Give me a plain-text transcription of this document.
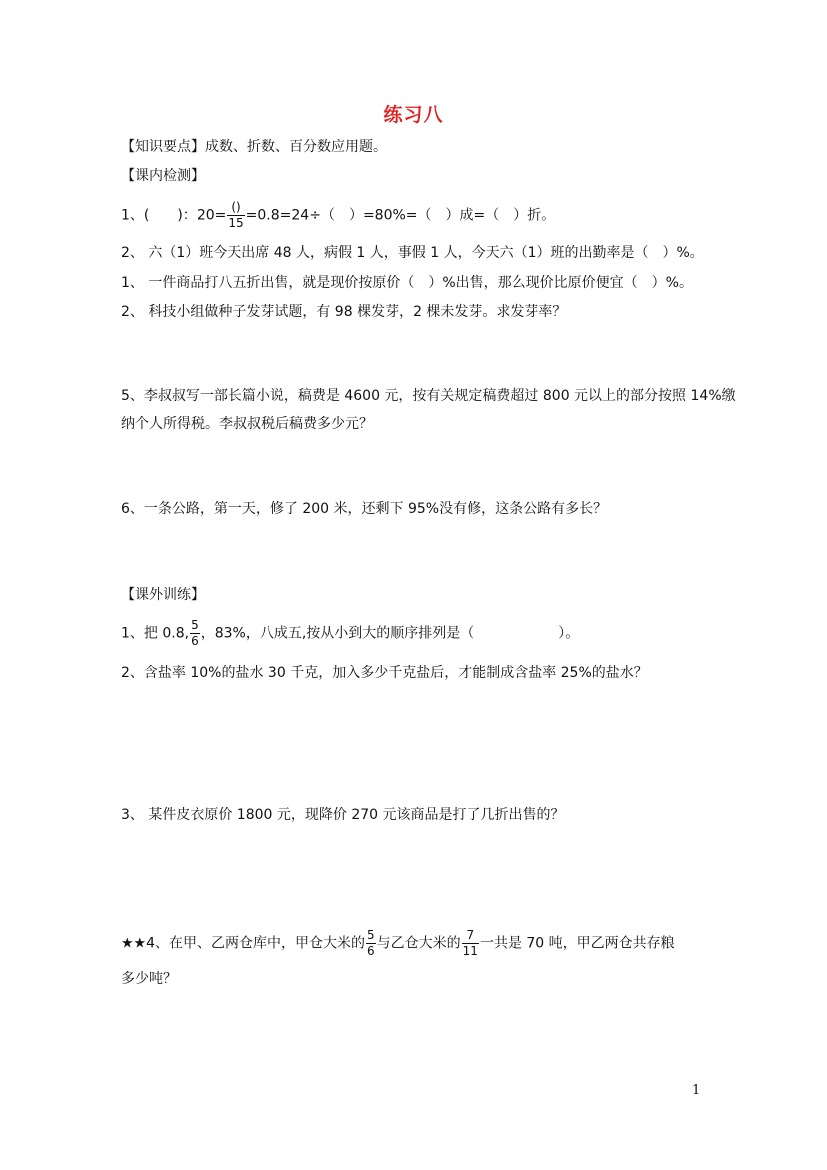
练习八
【知识要点】成数、折数、百分数应用题。
【课内检测】
1、(　　)：$20= \frac{()}{15} =0.8=24\div$（　）=80%=（　）成=（　）折。
2、 六（1）班今天出席 48 人，病假 1 人，事假 1 人，今天六（1）班的出勤率是（　）%。
1、 一件商品打八五折出售，就是现价按原价（　）%出售，那么现价比原价便宜（　）%。
2、 科技小组做种子发芽试题，有 98 棵发芽，2 棵未发芽。求发芽率？
5、李叔叔写一部长篇小说，稿费是 4600 元，按有关规定稿费超过 800 元以上的部分按照 14%缴
纳个人所得税。李叔叔税后稿费多少元？
6、一条公路，第一天，修了 200 米，还剩下 95%没有修，这条公路有多长？
【课外训练】
1、把 0.8, $\frac{5}{6}$ ，83%，八成五,按从小到大的顺序排列是（　　　　　　）。
2、含盐率 10%的盐水 30 千克，加入多少千克盐后，才能制成含盐率 25%的盐水？
3、 某件皮衣原价 1800 元，现降价 270 元该商品是打了几折出售的？
★★4、在甲、乙两仓库中，甲仓大米的 $\frac{5}{6}$ 与乙仓大米的 $\frac{7}{11}$ 一共是 70 吨，甲乙两仓共存粮
多少吨？
1
